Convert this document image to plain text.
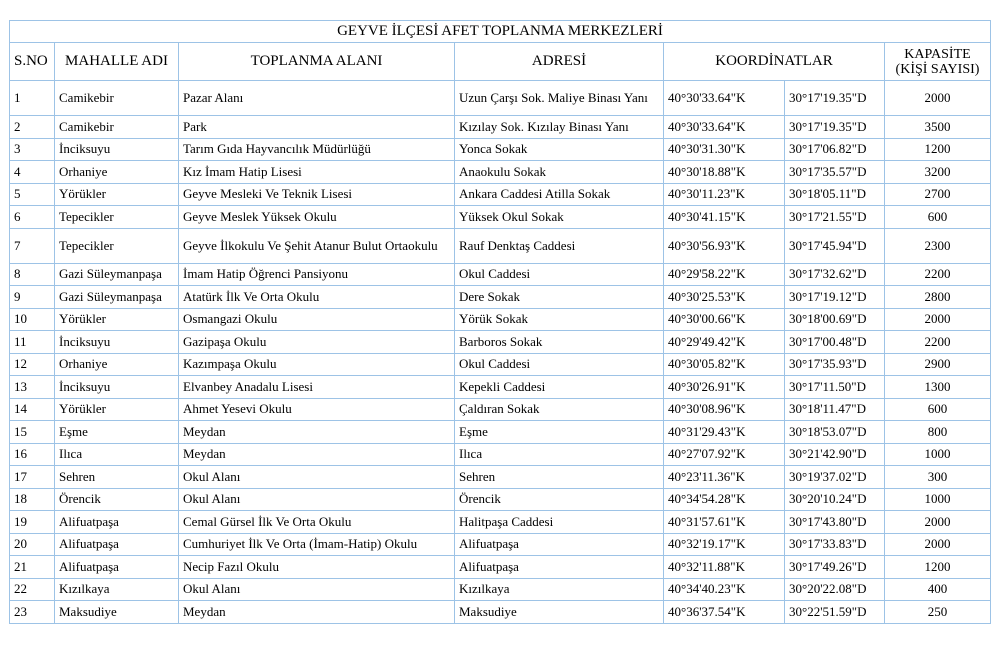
GEYVE İLÇESİ AFET TOPLANMA MERKEZLERİ						
S.NO	MAHALLE ADI	TOPLANMA ALANI	ADRESİ	KOORDİNATLAR		KAPASİTE
(KİŞİ SAYISI)

1	Camikebir	Pazar Alanı	Uzun Çarşı Sok. Maliye Binası Yanı	40°30'33.64"K	30°17'19.35"D	2000
2	Camikebir	Park	Kızılay Sok. Kızılay Binası Yanı	40°30'33.64"K	30°17'19.35"D	3500
3	İnciksuyu	Tarım Gıda Hayvancılık Müdürlüğü	Yonca Sokak	40°30'31.30"K	30°17'06.82"D	1200
4	Orhaniye	Kız İmam Hatip Lisesi	Anaokulu Sokak	40°30'18.88"K	30°17'35.57"D	3200
5	Yörükler	Geyve Mesleki Ve Teknik Lisesi	Ankara Caddesi Atilla Sokak	40°30'11.23"K	30°18'05.11"D	2700
6	Tepecikler	Geyve Meslek Yüksek Okulu	Yüksek Okul Sokak	40°30'41.15"K	30°17'21.55"D	600
7	Tepecikler	Geyve İlkokulu Ve Şehit Atanur Bulut Ortaokulu	Rauf Denktaş Caddesi	40°30'56.93"K	30°17'45.94"D	2300
8	Gazi Süleymanpaşa	İmam Hatip Öğrenci Pansiyonu	Okul Caddesi	40°29'58.22"K	30°17'32.62"D	2200
9	Gazi Süleymanpaşa	Atatürk İlk Ve Orta Okulu	Dere Sokak	40°30'25.53"K	30°17'19.12"D	2800
10	Yörükler	Osmangazi Okulu	Yörük Sokak	40°30'00.66"K	30°18'00.69"D	2000
11	İnciksuyu	Gazipaşa Okulu	Barboros Sokak	40°29'49.42"K	30°17'00.48"D	2200
12	Orhaniye	Kazımpaşa Okulu	Okul Caddesi	40°30'05.82"K	30°17'35.93"D	2900
13	İnciksuyu	Elvanbey Anadalu Lisesi	Kepekli Caddesi	40°30'26.91"K	30°17'11.50"D	1300
14	Yörükler	Ahmet Yesevi Okulu	Çaldıran Sokak	40°30'08.96"K	30°18'11.47"D	600
15	Eşme	Meydan	Eşme	40°31'29.43"K	30°18'53.07"D	800
16	Ilıca	Meydan	Ilıca	40°27'07.92"K	30°21'42.90"D	1000
17	Sehren	Okul Alanı	Sehren	40°23'11.36"K	30°19'37.02"D	300
18	Örencik	Okul Alanı	Örencik	40°34'54.28"K	30°20'10.24"D	1000
19	Alifuatpaşa	Cemal Gürsel İlk Ve Orta Okulu	Halitpaşa Caddesi	40°31'57.61"K	30°17'43.80"D	2000
20	Alifuatpaşa	Cumhuriyet İlk Ve Orta (İmam-Hatip) Okulu	Alifuatpaşa	40°32'19.17"K	30°17'33.83"D	2000
21	Alifuatpaşa	Necip Fazıl Okulu	Alifuatpaşa	40°32'11.88"K	30°17'49.26"D	1200
22	Kızılkaya	Okul Alanı	Kızılkaya	40°34'40.23"K	30°20'22.08"D	400
23	Maksudiye	Meydan	Maksudiye	40°36'37.54"K	30°22'51.59"D	250
